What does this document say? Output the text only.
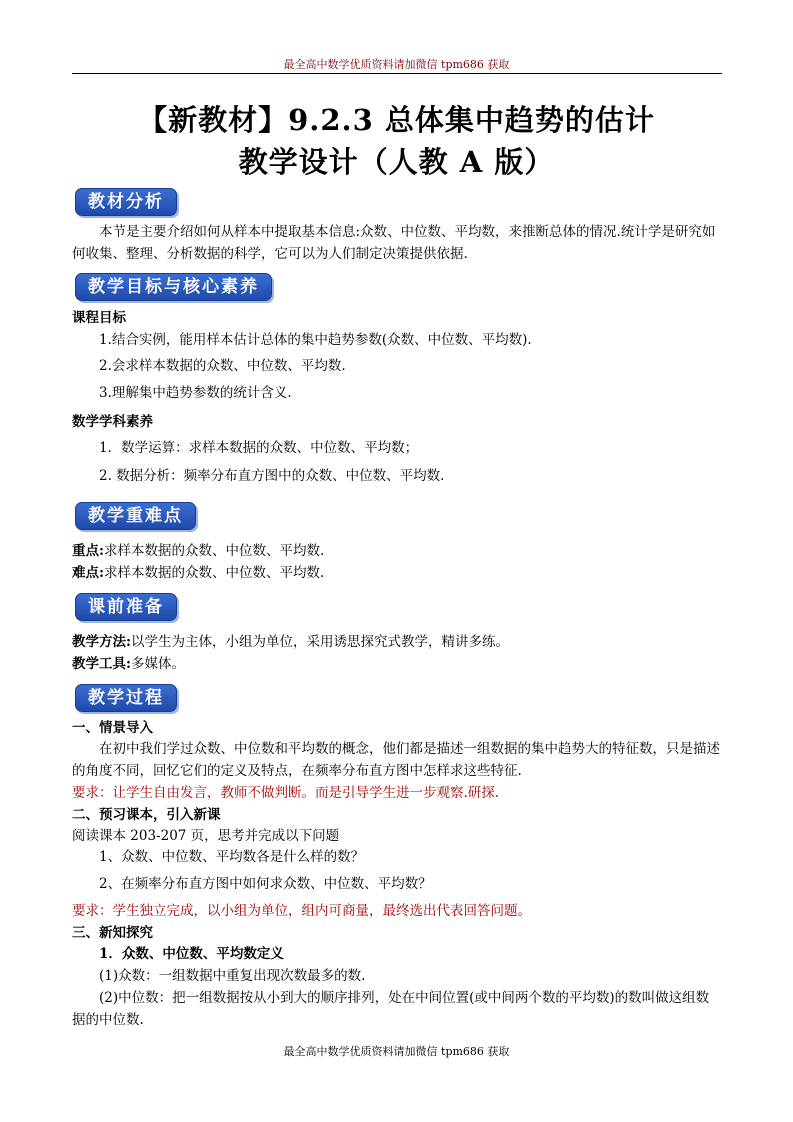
最全高中数学优质资料请加微信 tpm686 获取
【新教材】9.2.3 总体集中趋势的估计
教学设计（人教 A 版）
教材分析
本节是主要介绍如何从样本中提取基本信息:众数、中位数、平均数，来推断总体的情况.统计学是研究如何收集、整理、分析数据的科学，它可以为人们制定决策提供依据.
教学目标与核心素养
课程目标
1.结合实例，能用样本估计总体的集中趋势参数(众数、中位数、平均数).
2.会求样本数据的众数、中位数、平均数.
3.理解集中趋势参数的统计含义.
数学学科素养
1．数学运算：求样本数据的众数、中位数、平均数；
2. 数据分析：频率分布直方图中的众数、中位数、平均数.
教学重难点
重点:求样本数据的众数、中位数、平均数.
难点:求样本数据的众数、中位数、平均数.
课前准备
教学方法:以学生为主体，小组为单位，采用诱思探究式教学，精讲多练。
教学工具:多媒体。
教学过程
一、情景导入
在初中我们学过众数、中位数和平均数的概念，他们都是描述一组数据的集中趋势大的特征数，只是描述的角度不同，回忆它们的定义及特点，在频率分布直方图中怎样求这些特征.
要求：让学生自由发言，教师不做判断。而是引导学生进一步观察.研探.
二、预习课本，引入新课
阅读课本 203-207 页，思考并完成以下问题
1、众数、中位数、平均数各是什么样的数？
2、在频率分布直方图中如何求众数、中位数、平均数？
要求：学生独立完成，以小组为单位，组内可商量，最终选出代表回答问题。
三、新知探究
1．众数、中位数、平均数定义
(1)众数：一组数据中重复出现次数最多的数.
(2)中位数：把一组数据按从小到大的顺序排列，处在中间位置(或中间两个数的平均数)的数叫做这组数据的中位数.
最全高中数学优质资料请加微信 tpm686 获取
